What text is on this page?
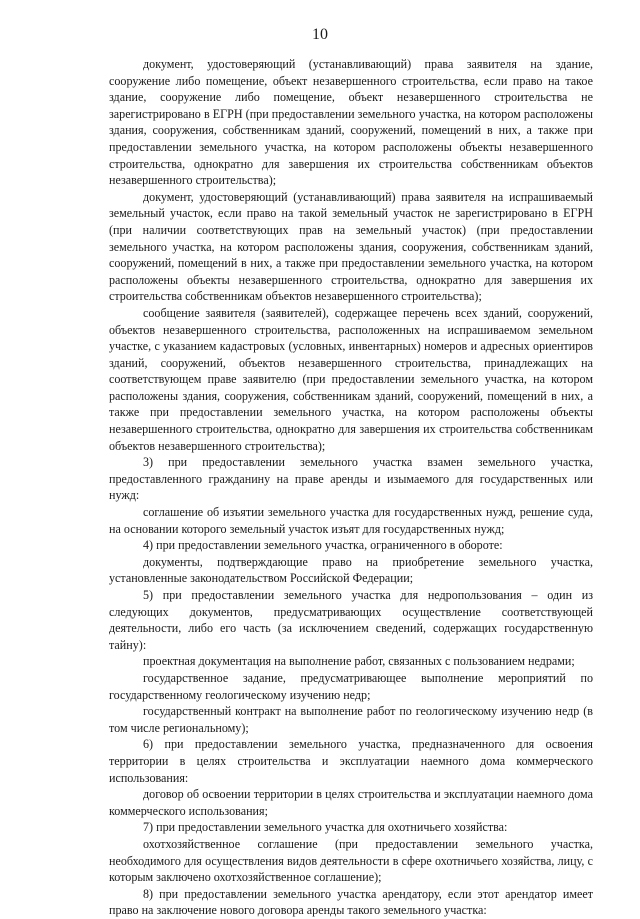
10

документ, удостоверяющий (устанавливающий) права заявителя на здание, сооружение либо помещение, объект незавершенного строительства, если право на такое здание, сооружение либо помещение, объект незавершенного строительства не зарегистрировано в ЕГРН (при предоставлении земельного участка, на котором расположены здания, сооружения, собственникам зданий, сооружений, помещений в них, а также при предоставлении земельного участка, на котором расположены объекты незавершенного строительства, однократно для завершения их строительства собственникам объектов незавершенного строительства);

документ, удостоверяющий (устанавливающий) права заявителя на испрашиваемый земельный участок, если право на такой земельный участок не зарегистрировано в ЕГРН (при наличии соответствующих прав на земельный участок) (при предоставлении земельного участка, на котором расположены здания, сооружения, собственникам зданий, сооружений, помещений в них, а также при предоставлении земельного участка, на котором расположены объекты незавершенного строительства, однократно для завершения их строительства собственникам объектов незавершенного строительства);

сообщение заявителя (заявителей), содержащее перечень всех зданий, сооружений, объектов незавершенного строительства, расположенных на испрашиваемом земельном участке, с указанием кадастровых (условных, инвентарных) номеров и адресных ориентиров зданий, сооружений, объектов незавершенного строительства, принадлежащих на соответствующем праве заявителю (при предоставлении земельного участка, на котором расположены здания, сооружения, собственникам зданий, сооружений, помещений в них, а также при предоставлении земельного участка, на котором расположены объекты незавершенного строительства, однократно для завершения их строительства собственникам объектов незавершенного строительства);

3) при предоставлении земельного участка взамен земельного участка, предоставленного гражданину на праве аренды и изымаемого для государственных или нужд:

соглашение об изъятии земельного участка для государственных нужд, решение суда, на основании которого земельный участок изъят для государственных нужд;

4) при предоставлении земельного участка, ограниченного в обороте:

документы, подтверждающие право на приобретение земельного участка, установленные законодательством Российской Федерации;

5) при предоставлении земельного участка для недропользования – один из следующих документов, предусматривающих осуществление соответствующей деятельности, либо его часть (за исключением сведений, содержащих государственную тайну):

проектная документация на выполнение работ, связанных с пользованием недрами;

государственное задание, предусматривающее выполнение мероприятий по государственному геологическому изучению недр;

государственный контракт на выполнение работ по геологическому изучению недр (в том числе региональному);

6) при предоставлении земельного участка, предназначенного для освоения территории в целях строительства и эксплуатации наемного дома коммерческого использования:

договор об освоении территории в целях строительства и эксплуатации наемного дома коммерческого использования;

7) при предоставлении земельного участка для охотничьего хозяйства:

охотхозяйственное соглашение (при предоставлении земельного участка, необходимого для осуществления видов деятельности в сфере охотничьего хозяйства, лицу, с которым заключено охотхозяйственное соглашение);

8) при предоставлении земельного участка арендатору, если этот арендатор имеет право на заключение нового договора аренды такого земельного участка:
